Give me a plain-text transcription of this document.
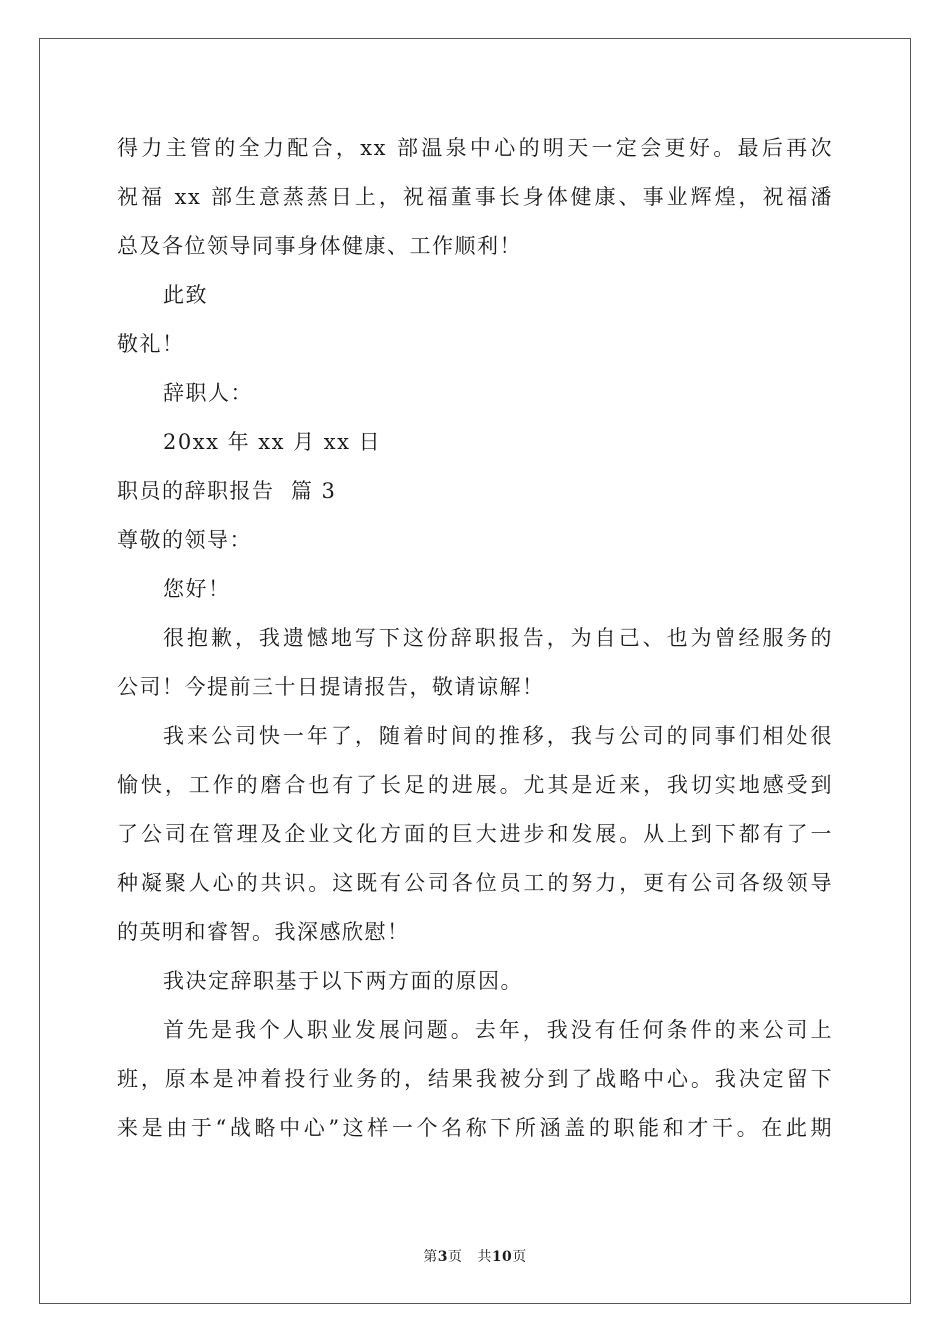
得力主管的全力配合，xx 部温泉中心的明天一定会更好。最后再次
祝福 xx 部生意蒸蒸日上，祝福董事长身体健康、事业辉煌，祝福潘
总及各位领导同事身体健康、工作顺利！
此致
敬礼！
辞职人：
20xx 年 xx 月 xx 日
职员的辞职报告  篇 3
尊敬的领导：
您好！
很抱歉，我遗憾地写下这份辞职报告，为自己、也为曾经服务的
公司！今提前三十日提请报告，敬请谅解！
我来公司快一年了，随着时间的推移，我与公司的同事们相处很
愉快，工作的磨合也有了长足的进展。尤其是近来，我切实地感受到
了公司在管理及企业文化方面的巨大进步和发展。从上到下都有了一
种凝聚人心的共识。这既有公司各位员工的努力，更有公司各级领导
的英明和睿智。我深感欣慰！
我决定辞职基于以下两方面的原因。
首先是我个人职业发展问题。去年，我没有任何条件的来公司上
班，原本是冲着投行业务的，结果我被分到了战略中心。我决定留下
来是由于“战略中心”这样一个名称下所涵盖的职能和才干。在此期
第3页 共10页
